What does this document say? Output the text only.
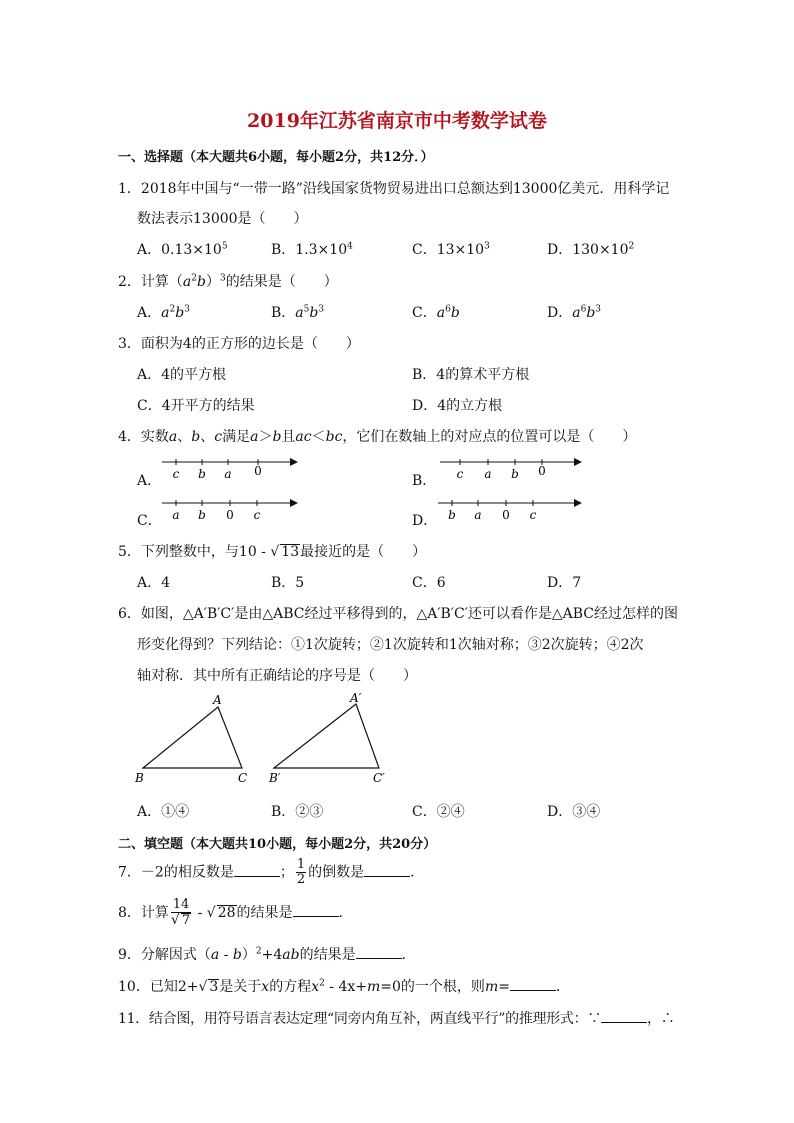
2019年江苏省南京市中考数学试卷
一、选择题（本大题共6小题，每小题2分，共12分．）
1．2018年中国与“一带一路”沿线国家货物贸易进出口总额达到13000亿美元．用科学记
数法表示13000是（　　）
A．$0.13\times 10^5$	B．$1.3\times 10^4$	C．$13\times 10^3$	D．$130\times 10^2$
2．计算$(a^2b)^3$的结果是（　　）
A．$a^2b^3$	B．$a^5b^3$	C．$a^6b$	D．$a^6b^3$
3．面积为4的正方形的边长是（　　）
A．4的平方根	B．4的算术平方根
C．4开平方的结果	D．4的立方根
4．实数a、b、c满足a＞b且ac＜bc，它们在数轴上的对应点的位置可以是（　　）
A． c b a 0
B． c a b 0
C． a b 0 c	D． b a 0 c
5．下列整数中，与10 - √ 13最接近的是（　　）
A．4	B．5	C．6	D．7
6．如图，△A′B′C′是由△ABC经过平移得到的，△A′B′C′还可以看作是△ABC经过怎样的图
形变化得到？下列结论：①1次旋转；②1次旋转和1次轴对称；③2次旋转；④2次
轴对称．其中所有正确结论的序号是（　　）
A
B	C
A′
B′	C′
A．①④	B．②③	C．②④	D．③④
二、填空题（本大题共10小题，每小题2分，共20分）
7．－2的相反数是	； $\frac{1}{2}$ 的倒数是	．
8．计算 $\frac{14}{√ 7}$ - √ 28的结果是	．
9．分解因式（a - b）$^2$+4ab的结果是	．
10．已知2+√ 3是关于x的方程$x^2 - 4x+m=0$的一个根，则m=	．
11．结合图，用符号语言表达定理“同旁内角互补，两直线平行”的推理形式：∵	，∴
